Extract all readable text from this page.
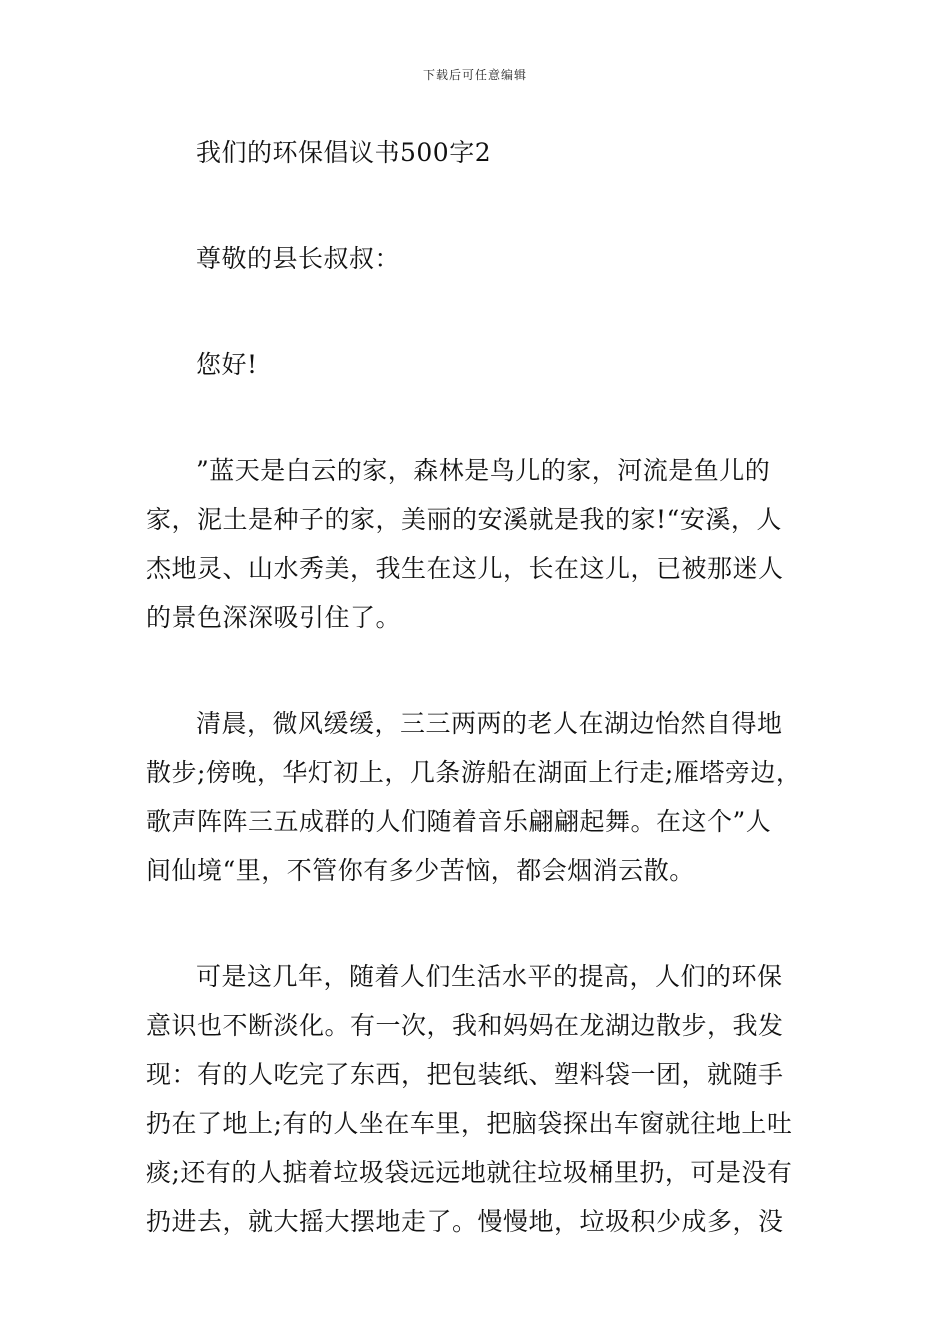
下载后可任意编辑
我们的环保倡议书500字2
尊敬的县长叔叔：
您好!
”蓝天是白云的家，森林是鸟儿的家，河流是鱼儿的
家，泥土是种子的家，美丽的安溪就是我的家!“安溪，人
杰地灵、山水秀美，我生在这儿，长在这儿，已被那迷人
的景色深深吸引住了。
清晨，微风缓缓，三三两两的老人在湖边怡然自得地
散步;傍晚，华灯初上，几条游船在湖面上行走;雁塔旁边，
歌声阵阵三五成群的人们随着音乐翩翩起舞。在这个”人
间仙境“里，不管你有多少苦恼，都会烟消云散。
可是这几年，随着人们生活水平的提高，人们的环保
意识也不断淡化。有一次，我和妈妈在龙湖边散步，我发
现：有的人吃完了东西，把包装纸、塑料袋一团，就随手
扔在了地上;有的人坐在车里，把脑袋探出车窗就往地上吐
痰;还有的人掂着垃圾袋远远地就往垃圾桶里扔，可是没有
扔进去，就大摇大摆地走了。慢慢地，垃圾积少成多，没
